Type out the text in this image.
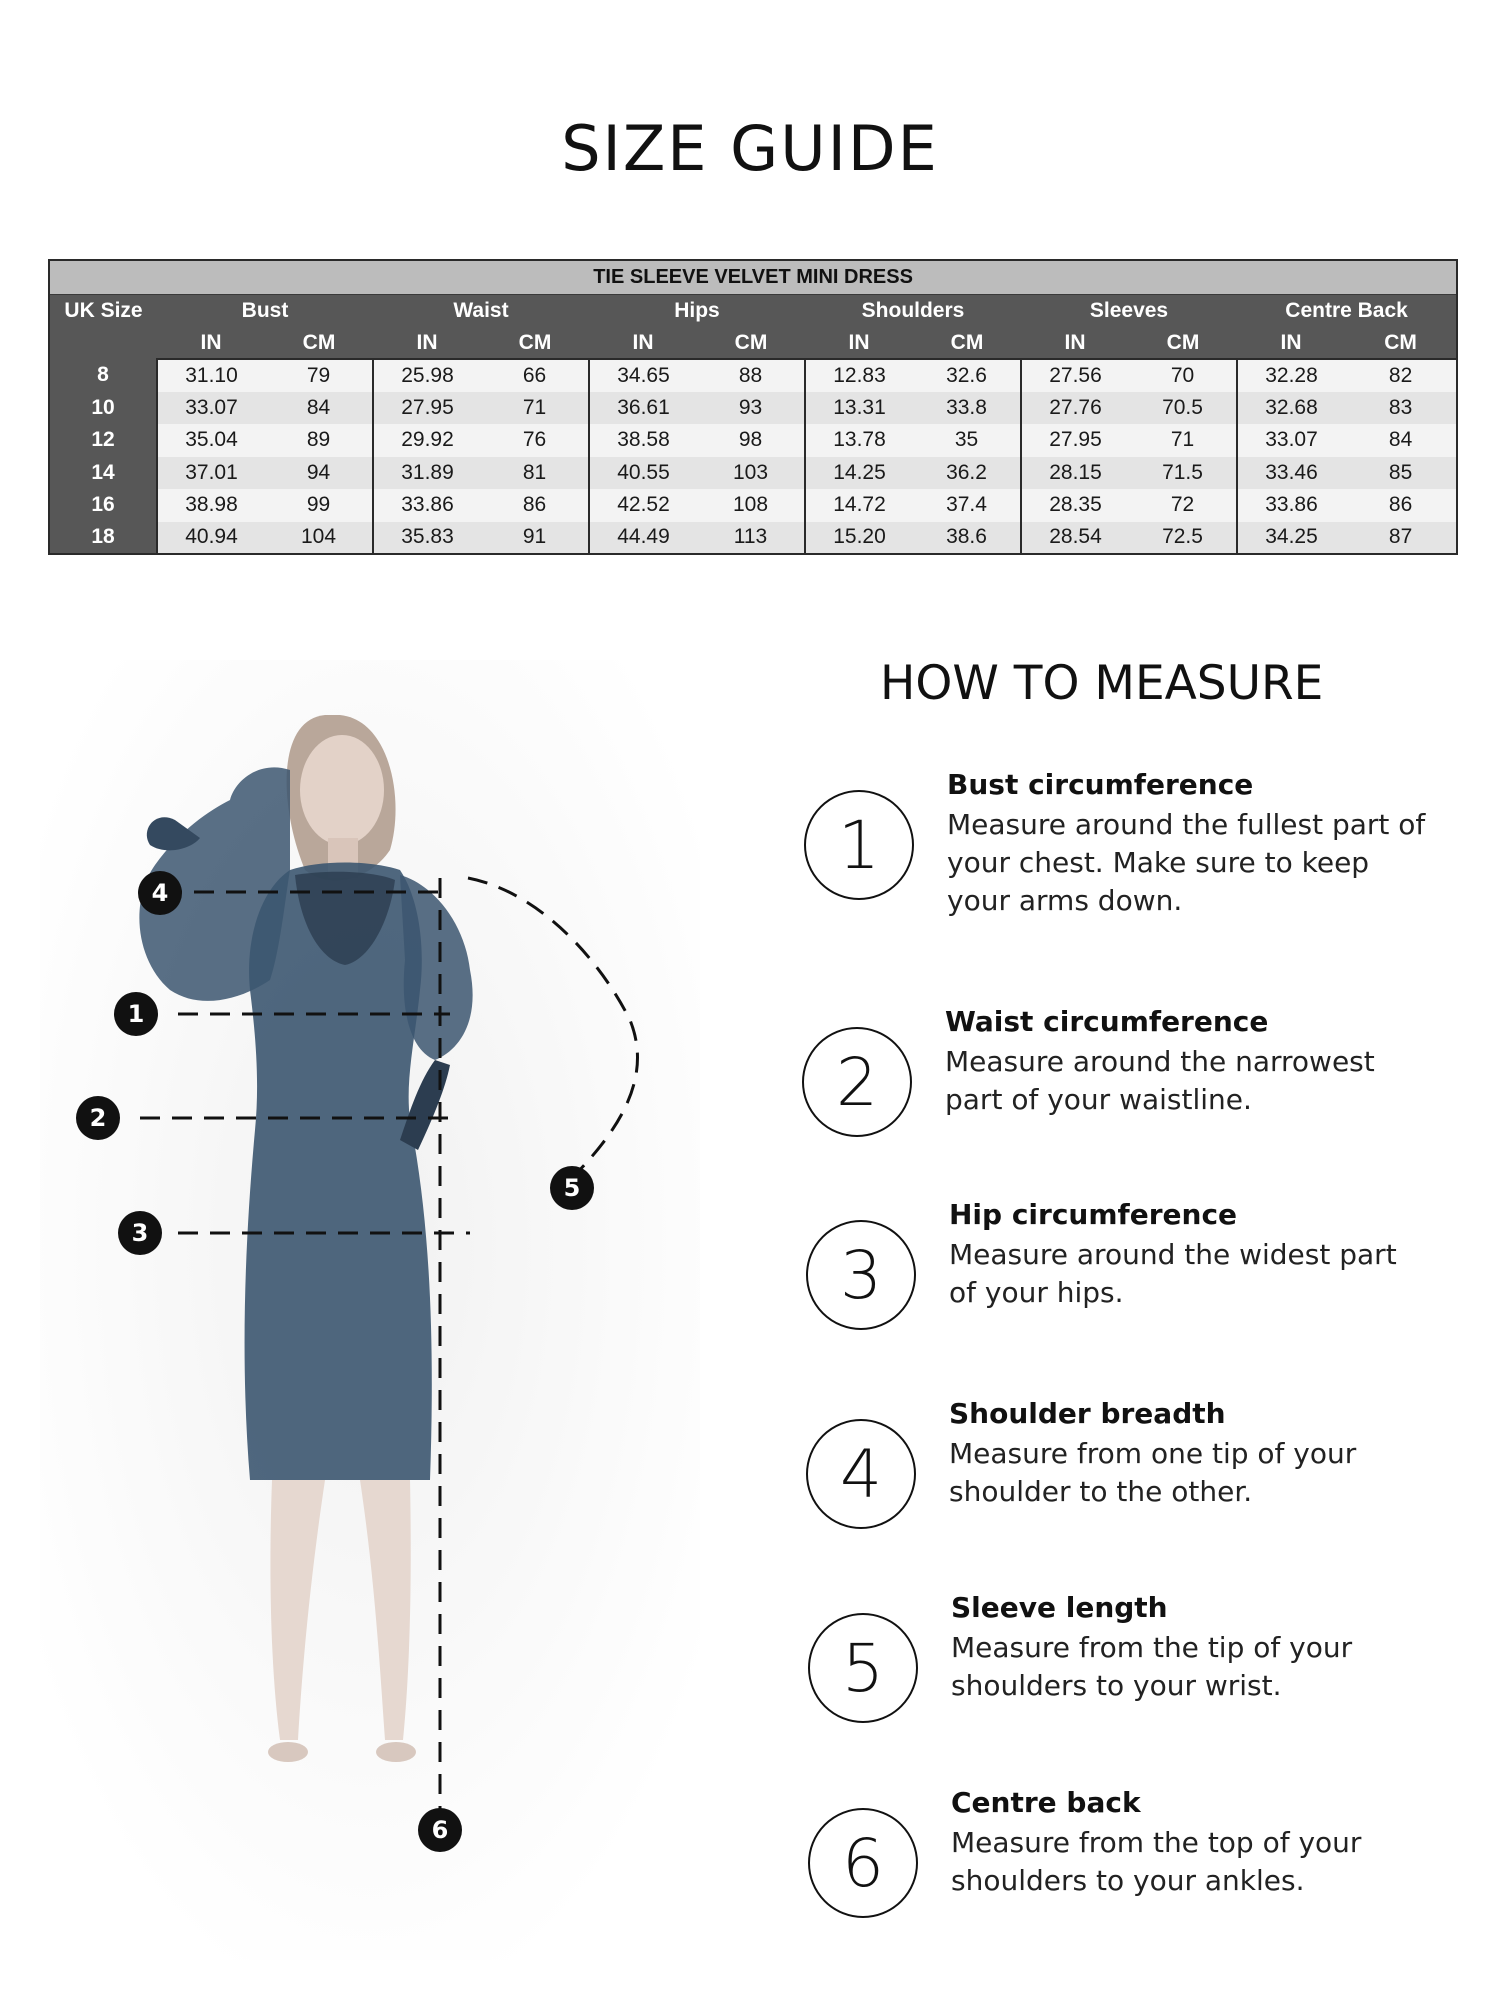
SIZE GUIDE
TIE SLEEVE VELVET MINI DRESS												
UK Size	Bust		Waist		Hips		Shoulders		Sleeves		Centre Back	
	IN	CM	IN	CM	IN	CM	IN	CM	IN	CM	IN	CM
8	31.10	79	25.98	66	34.65	88	12.83	32.6	27.56	70	32.28	82
10	33.07	84	27.95	71	36.61	93	13.31	33.8	27.76	70.5	32.68	83
12	35.04	89	29.92	76	38.58	98	13.78	35	27.95	71	33.07	84
14	37.01	94	31.89	81	40.55	103	14.25	36.2	28.15	71.5	33.46	85
16	38.98	99	33.86	86	42.52	108	14.72	37.4	28.35	72	33.86	86
18	40.94	104	35.83	91	44.49	113	15.20	38.6	28.54	72.5	34.25	87
4
1
2
3
5
6
HOW TO MEASURE
1
Bust circumference
Measure around the fullest part of your chest. Make sure to keep your arms down.
2
Waist circumference
Measure around the narrowest part of your waistline.
3
Hip circumference
Measure around the widest part of your hips.
4
Shoulder breadth
Measure from one tip of your shoulder to the other.
5
Sleeve length
Measure from the tip of your shoulders to your wrist.
6
Centre back
Measure from the top of your shoulders to your ankles.
